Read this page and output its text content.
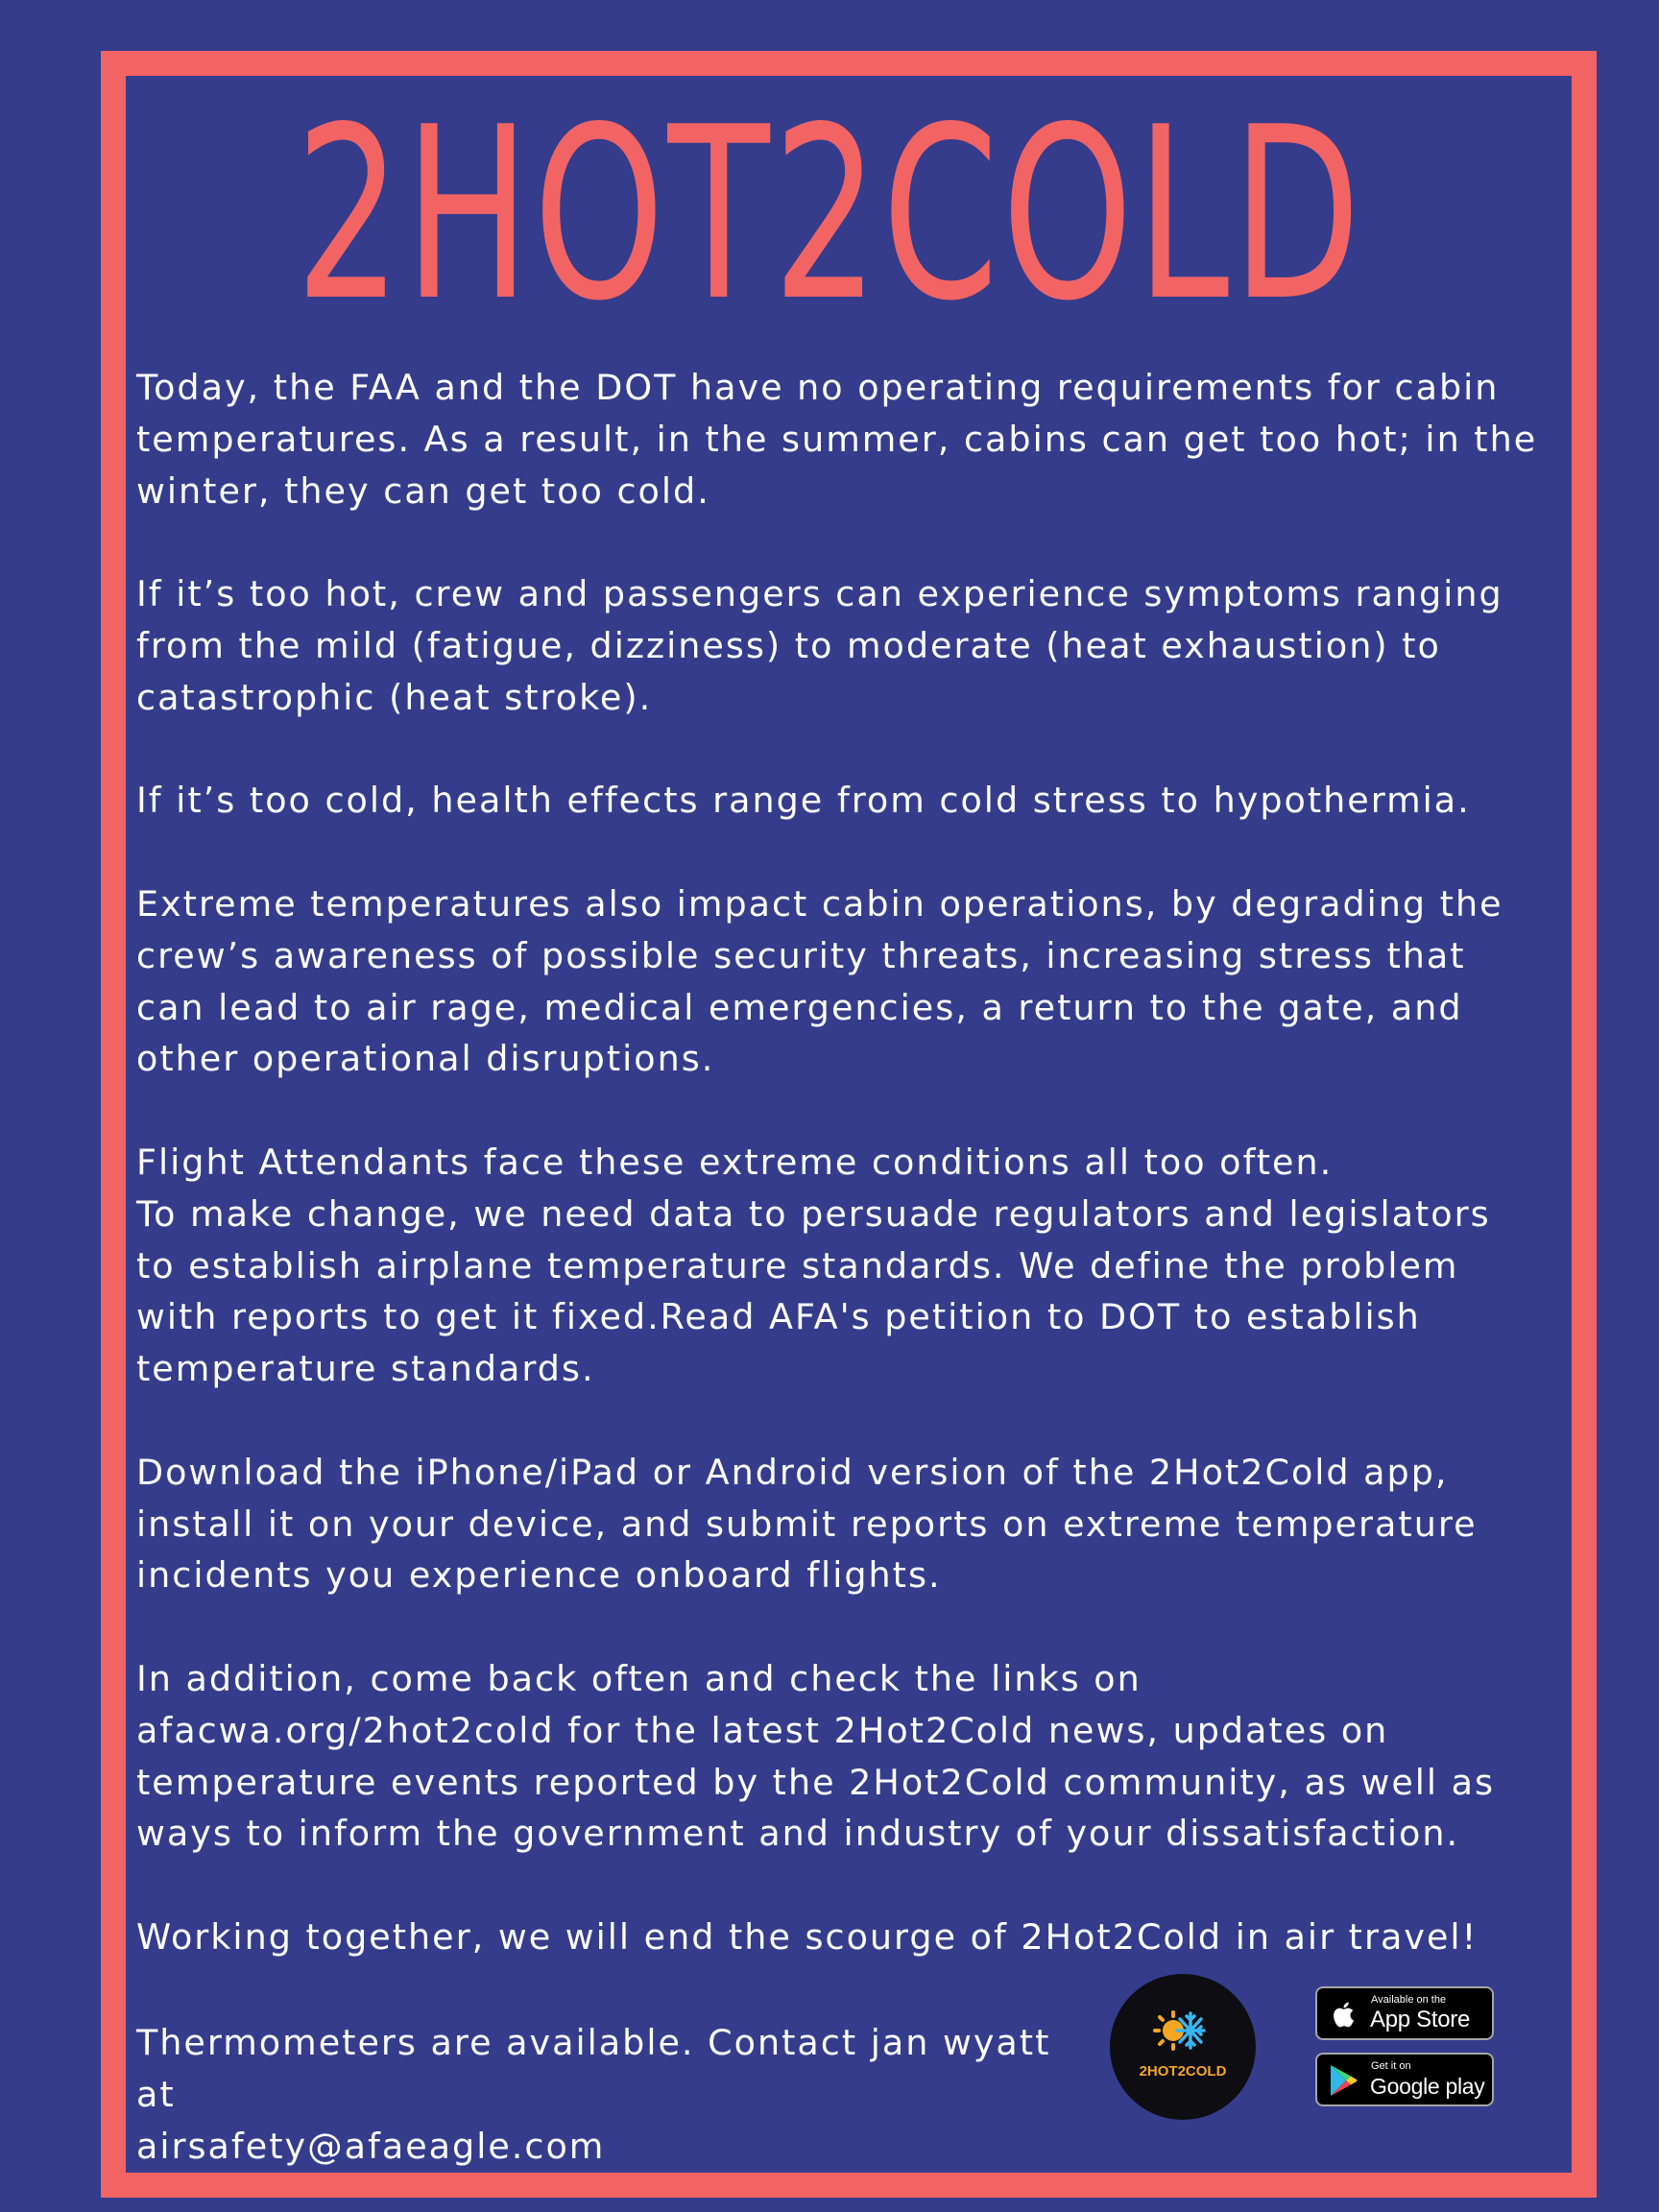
2HOT2COLD

Today, the FAA and the DOT have no operating requirements for cabin temperatures. As a result, in the summer, cabins can get too hot; in the winter, they can get too cold.

If it’s too hot, crew and passengers can experience symptoms ranging from the mild (fatigue, dizziness) to moderate (heat exhaustion) to catastrophic (heat stroke).

If it’s too cold, health effects range from cold stress to hypothermia.

Extreme temperatures also impact cabin operations, by degrading the crew’s awareness of possible security threats, increasing stress that can lead to air rage, medical emergencies, a return to the gate, and other operational disruptions.

Flight Attendants face these extreme conditions all too often.

To make change, we need data to persuade regulators and legislators to establish airplane temperature standards. We define the problem with reports to get it fixed.Read AFA's petition to DOT to establish temperature standards.

Download the iPhone/iPad or Android version of the 2Hot2Cold app, install it on your device, and submit reports on extreme temperature incidents you experience onboard flights.

In addition, come back often and check the links on afacwa.org/2hot2cold for the latest 2Hot2Cold news, updates on temperature events reported by the 2Hot2Cold community, as well as ways to inform the government and industry of your dissatisfaction.

Working together, we will end the scourge of 2Hot2Cold in air travel!

Thermometers are available. Contact jan wyatt at
airsafety@afaeagle.com
2HOT2COLD
Available on the
App Store
Get it on
Google play
